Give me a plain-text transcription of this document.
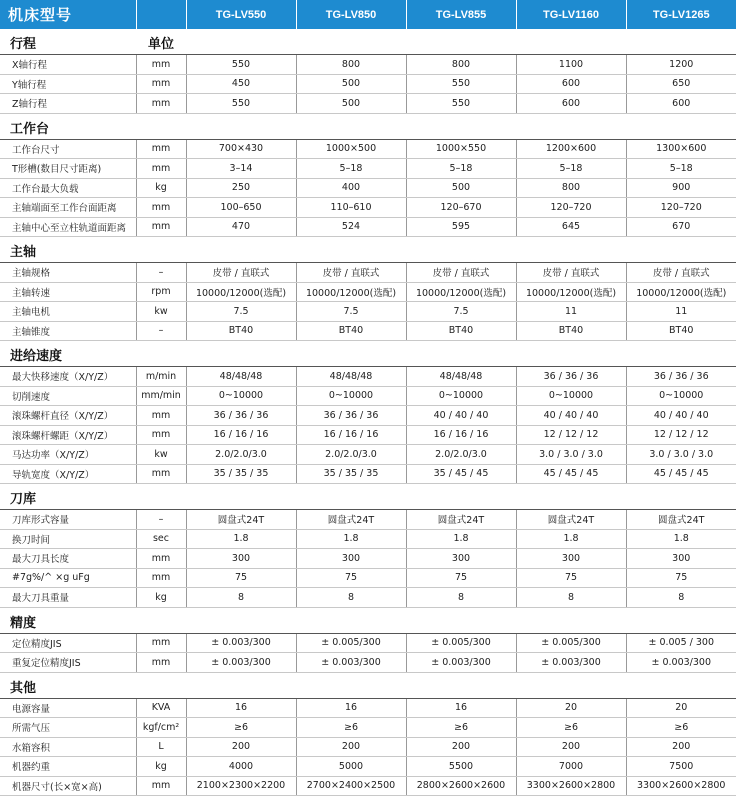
机床型号		TG-LV550	TG-LV850	TG-LV855	TG-LV1160	TG-LV1265
行程	单位					
X轴行程	mm	550	800	800	1100	1200
Y轴行程	mm	450	500	550	600	650
Z轴行程	mm	550	500	550	600	600
工作台						
工作台尺寸	mm	700×430	1000×500	1000×550	1200×600	1300×600
T形槽(数目尺寸距离)	mm	3–14	5–18	5–18	5–18	5–18
工作台最大负载	kg	250	400	500	800	900
主轴端面至工作台面距离	mm	100–650	110–610	120–670	120–720	120–720
主轴中心至立柱轨道面距离	mm	470	524	595	645	670
主轴						
主轴规格	–	皮带 / 直联式	皮带 / 直联式	皮带 / 直联式	皮带 / 直联式	皮带 / 直联式
主轴转速	rpm	10000/12000(选配)	10000/12000(选配)	10000/12000(选配)	10000/12000(选配)	10000/12000(选配)
主轴电机	kw	7.5	7.5	7.5	11	11
主轴锥度	–	BT40	BT40	BT40	BT40	BT40
进给速度						
最大快移速度（X/Y/Z）	m/min	48/48/48	48/48/48	48/48/48	36 / 36 / 36	36 / 36 / 36
切削速度	mm/min	0~10000	0~10000	0~10000	0~10000	0~10000
滚珠螺杆直径（X/Y/Z）	mm	36 / 36 / 36	36 / 36 / 36	40 / 40 / 40	40 / 40 / 40	40 / 40 / 40
滚珠螺杆螺距（X/Y/Z）	mm	16 / 16 / 16	16 / 16 / 16	16 / 16 / 16	12 / 12 / 12	12 / 12 / 12
马达功率（X/Y/Z）	kw	2.0/2.0/3.0	2.0/2.0/3.0	2.0/2.0/3.0	3.0 / 3.0 / 3.0	3.0 / 3.0 / 3.0
导轨宽度（X/Y/Z）	mm	35 / 35 / 35	35 / 35 / 35	35 / 45 / 45	45 / 45 / 45	45 / 45 / 45
刀库						
刀库形式容量	–	圆盘式24T	圆盘式24T	圆盘式24T	圆盘式24T	圆盘式24T
换刀时间	sec	1.8	1.8	1.8	1.8	1.8
最大刀具长度	mm	300	300	300	300	300
#7g%/^ ×g uFg	mm	75	75	75	75	75
最大刀具重量	kg	8	8	8	8	8
精度						
定位精度JIS	mm	± 0.003/300	± 0.005/300	± 0.005/300	± 0.005/300	± 0.005 / 300
重复定位精度JIS	mm	± 0.003/300	± 0.003/300	± 0.003/300	± 0.003/300	± 0.003/300
其他						
电源容量	KVA	16	16	16	20	20
所需气压	kgf/cm²	≥6	≥6	≥6	≥6	≥6
水箱容积	L	200	200	200	200	200
机器约重	kg	4000	5000	5500	7000	7500
机器尺寸(长×宽×高)	mm	2100×2300×2200	2700×2400×2500	2800×2600×2600	3300×2600×2800	3300×2600×2800
